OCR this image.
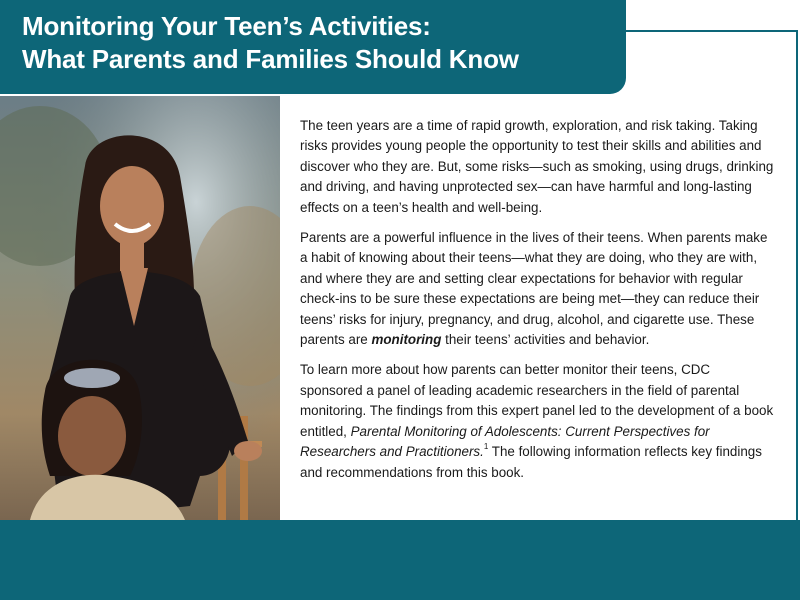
Monitoring Your Teen’s Activities:
What Parents and Families Should Know

The teen years are a time of rapid growth, exploration, and risk taking. Taking risks provides young people the opportunity to test their skills and abilities and discover who they are. But, some risks—such as smoking, using drugs, drinking and driving, and having unprotected sex—can have harmful and long-lasting effects on a teen’s health and well-being.

Parents are a powerful influence in the lives of their teens. When parents make a habit of knowing about their teens—what they are doing, who they are with, and where they are and setting clear expectations for behavior with regular check-ins to be sure these expectations are being met—they can reduce their teens’ risks for injury, pregnancy, and drug, alcohol, and cigarette use. These parents are monitoring their teens’ activities and behavior.

To learn more about how parents can better monitor their teens, CDC sponsored a panel of leading academic researchers in the field of parental monitoring. The findings from this expert panel led to the development of a book entitled, Parental Monitoring of Adolescents: Current Perspectives for Researchers and Practitioners.$^1$ The following information reflects key findings and recommendations from this book.
